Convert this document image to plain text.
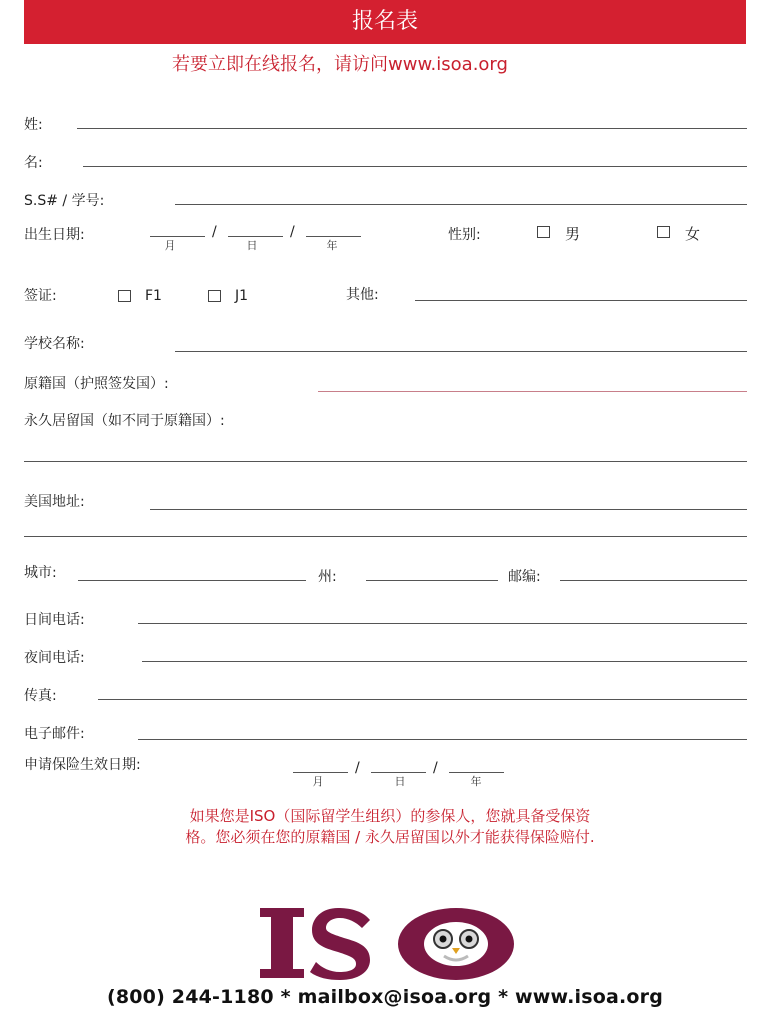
报名表
若要立即在线报名，请访问www.isoa.org
姓:
名:
S.S# / 学号:
出生日期:	/	/
月	日	年
性别:	男	女
签证:	F1	J1	其他:
学校名称:
原籍国（护照签发国）:
永久居留国（如不同于原籍国）:
美国地址:
城市:	州:	邮编:
日间电话:
夜间电话:
传真:
电子邮件:
申请保险生效日期:	/	/
月	日	年
如果您是ISO（国际留学生组织）的参保人，您就具备受保资
格。您必须在您的原籍国 / 永久居留国以外才能获得保险赔付.
(800) 244-1180 * mailbox@isoa.org * www.isoa.org
